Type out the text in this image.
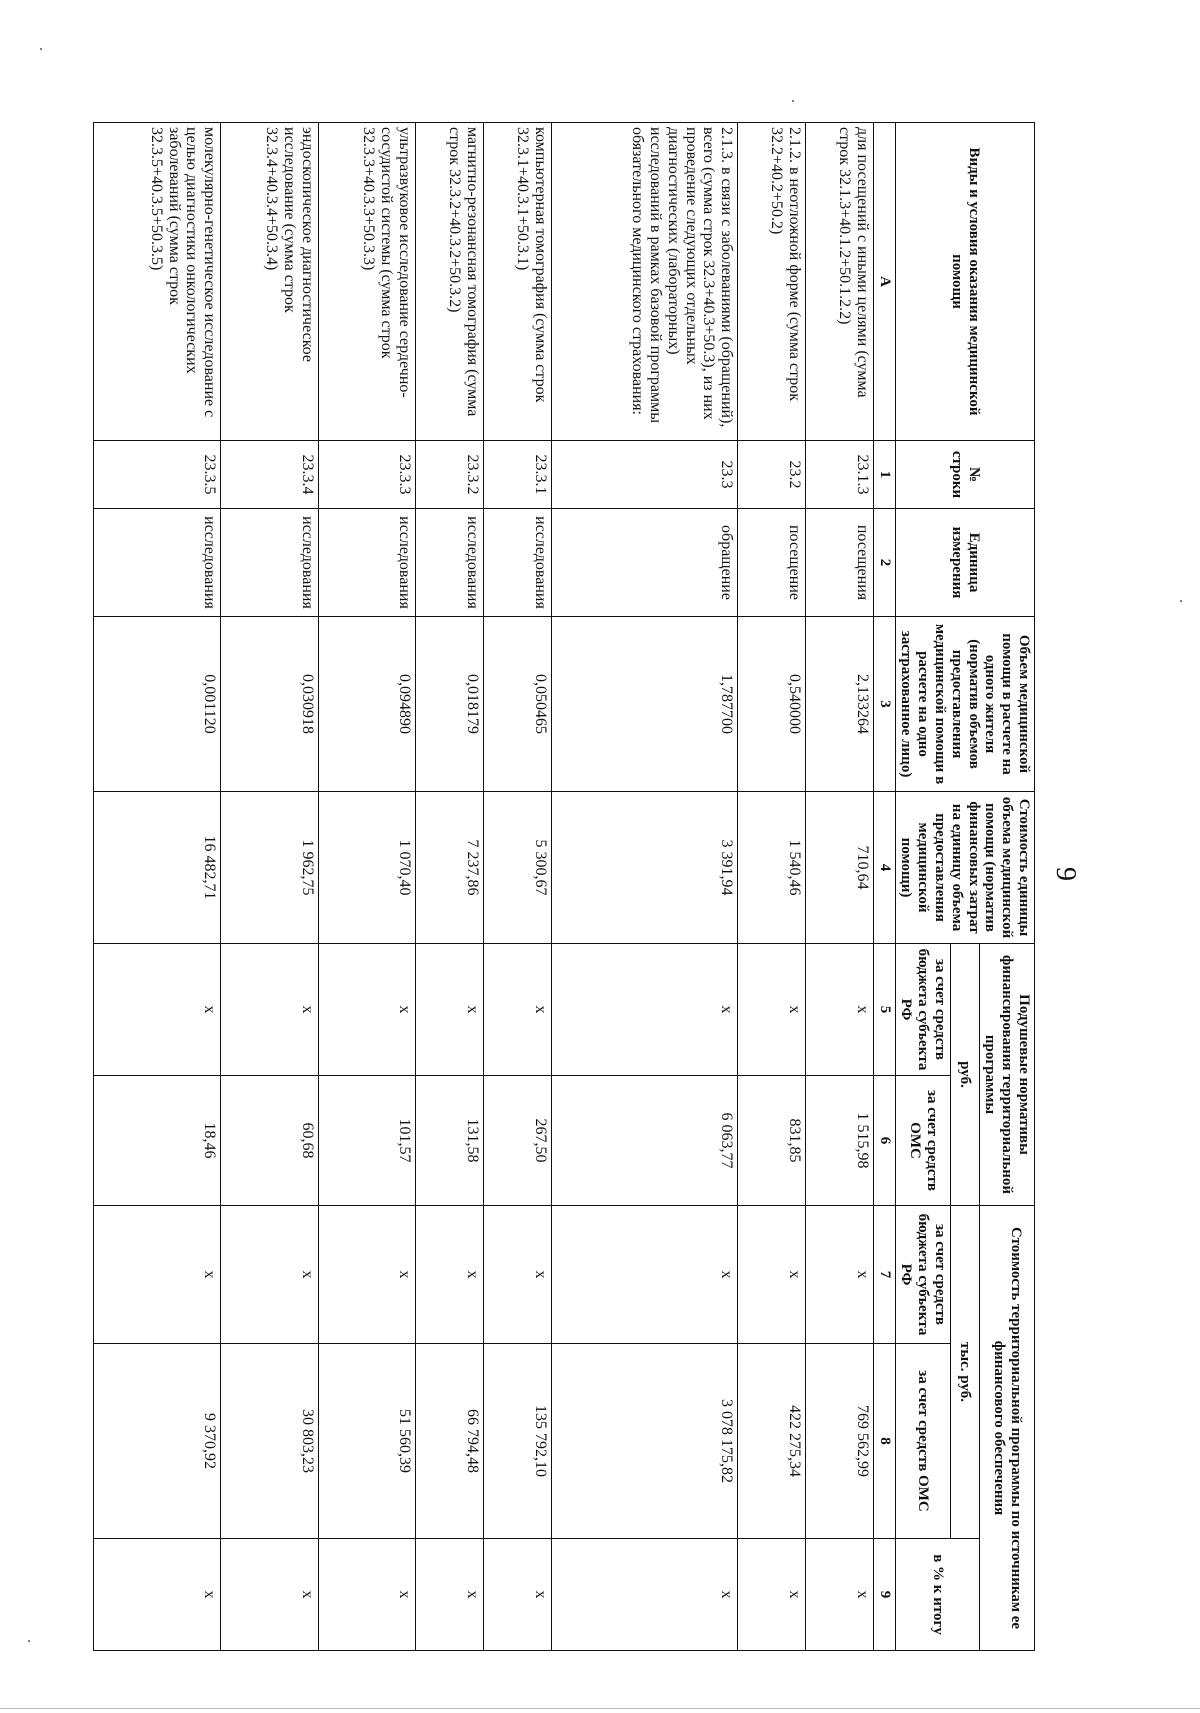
9
Виды и условия оказания медицинской помощи	№ строки	Единица измерения	Объем медицинской помощи в расчете на одного жителя (норматив объемов предоставления медицинской помощи в расчете на одно застрахованное лицо)	Стоимость единицы объема медицинской помощи (норматив финансовых затрат на единицу объема предоставления медицинской помощи)	Подушевые нормативы финансирования территориальной программы		Стоимость территориальной программы по источникам ее финансового обеспечения		
					руб.		тыс. руб.		в % к итогу
					за счет средств бюджета субъекта РФ	за счет средств ОМС	за счет средств бюджета субъекта РФ	за счет средств ОМС	
А	1	2	3	4	5	6	7	8	9
для посещений с иными целями (сумма строк 32.1.3+40.1.2+50.1.2.2)	23.1.3	посещения	2,133264	710,64	x	1 515,98	x	769 562,99	x
2.1.2. в неотложной форме (сумма строк 32.2+40.2+50.2)	23.2	посещение	0,540000	1 540,46	x	831,85	x	422 275,34	x
2.1.3. в связи с заболеваниями (обращений), всего (сумма строк 32.3+40.3+50.3), из них проведение следующих отдельных диагностических (лабораторных) исследований в рамках базовой программы обязательного медицинского страхования:	23.3	обращение	1,787700	3 391,94	x	6 063,77	x	3 078 175,82	x
компьютерная томография (сумма строк 32.3.1+40.3.1+50.3.1)	23.3.1	исследования	0,050465	5 300,67	x	267,50	x	135 792,10	x
магнитно-резонансная томография (сумма строк 32.3.2+40.3.2+50.3.2)	23.3.2	исследования	0,018179	7 237,86	x	131,58	x	66 794,48	x
ультразвуковое исследование сердечно-сосудистой системы (сумма строк 32.3.3+40.3.3+50.3.3)	23.3.3	исследования	0,094890	1 070,40	x	101,57	x	51 560,39	x
эндоскопическое диагностическое исследование (сумма строк 32.3.4+40.3.4+50.3.4)	23.3.4	исследования	0,030918	1 962,75	x	60,68	x	30 803,23	x
молекулярно-генетическое исследование с целью диагностики онкологических заболеваний (сумма строк 32.3.5+40.3.5+50.3.5)	23.3.5	исследования	0,001120	16 482,71	x	18,46	x	9 370,92	x
